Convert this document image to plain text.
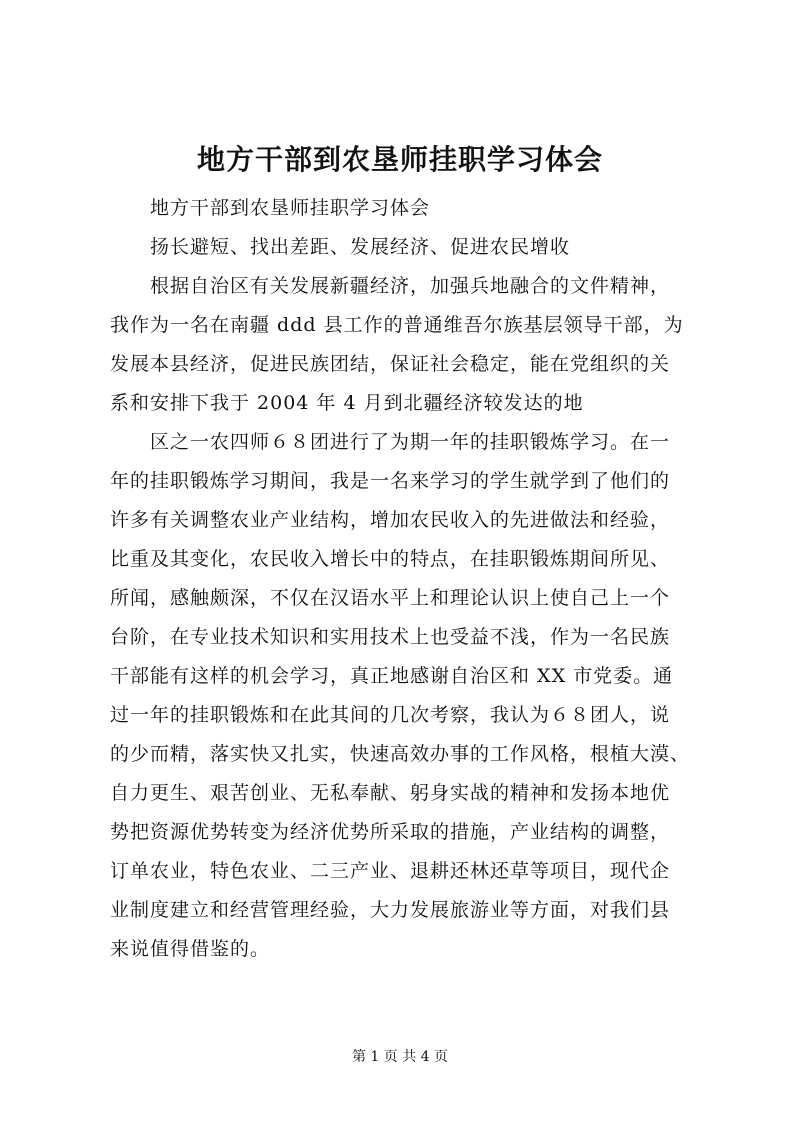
地方干部到农垦师挂职学习体会
地方干部到农垦师挂职学习体会
扬长避短、找出差距、发展经济、促进农民增收
根据自治区有关发展新疆经济，加强兵地融合的文件精神，
我作为一名在南疆 ddd 县工作的普通维吾尔族基层领导干部，为
发展本县经济，促进民族团结，保证社会稳定，能在党组织的关
系和安排下我于 2004 年 4 月到北疆经济较发达的地
区之一农四师６８团进行了为期一年的挂职锻炼学习。在一
年的挂职锻炼学习期间，我是一名来学习的学生就学到了他们的
许多有关调整农业产业结构，增加农民收入的先进做法和经验，
比重及其变化，农民收入增长中的特点，在挂职锻炼期间所见、
所闻，感触颇深，不仅在汉语水平上和理论认识上使自己上一个
台阶，在专业技术知识和实用技术上也受益不浅，作为一名民族
干部能有这样的机会学习，真正地感谢自治区和 XX 市党委。通
过一年的挂职锻炼和在此其间的几次考察，我认为６８团人，说
的少而精，落实快又扎实，快速高效办事的工作风格，根植大漠、
自力更生、艰苦创业、无私奉献、躬身实战的精神和发扬本地优
势把资源优势转变为经济优势所采取的措施，产业结构的调整，
订单农业，特色农业、二三产业、退耕还林还草等项目，现代企
业制度建立和经营管理经验，大力发展旅游业等方面，对我们县
来说值得借鉴的。
第 1 页 共 4 页
